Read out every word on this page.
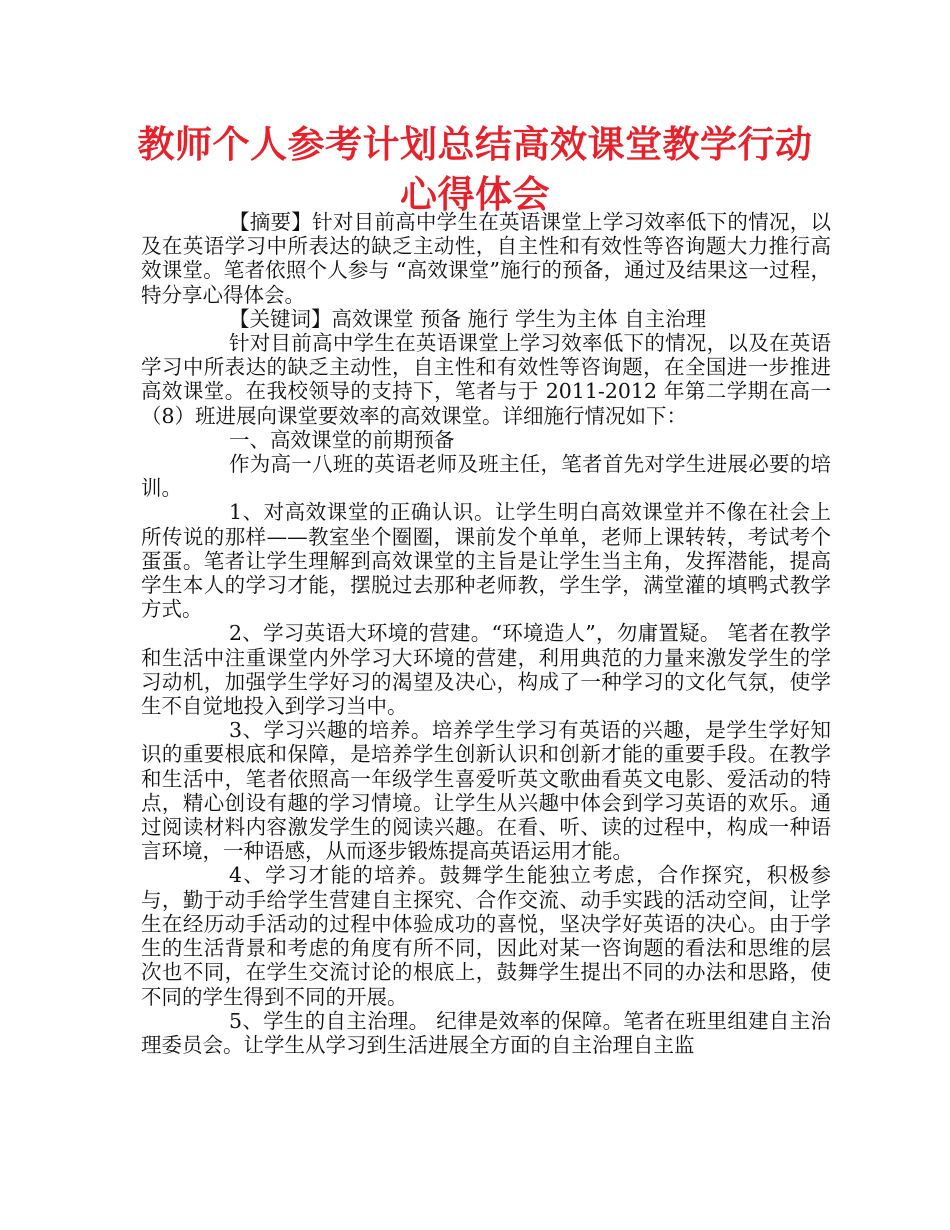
教师个人参考计划总结高效课堂教学行动心得体会

【摘要】针对目前高中学生在英语课堂上学习效率低下的情况，以及在英语学习中所表达的缺乏主动性，自主性和有效性等咨询题大力推行高效课堂。笔者依照个人参与 “高效课堂”施行的预备，通过及结果这一过程，特分享心得体会。

【关键词】高效课堂 预备 施行 学生为主体 自主治理

针对目前高中学生在英语课堂上学习效率低下的情况，以及在英语学习中所表达的缺乏主动性，自主性和有效性等咨询题，在全国进一步推进高效课堂。在我校领导的支持下，笔者与于 2011-2012 年第二学期在高一（8）班进展向课堂要效率的高效课堂。详细施行情况如下：

一、高效课堂的前期预备

作为高一八班的英语老师及班主任，笔者首先对学生进展必要的培训。

1、对高效课堂的正确认识。让学生明白高效课堂并不像在社会上所传说的那样——教室坐个圈圈，课前发个单单，老师上课转转，考试考个蛋蛋。笔者让学生理解到高效课堂的主旨是让学生当主角，发挥潜能，提高学生本人的学习才能，摆脱过去那种老师教，学生学，满堂灌的填鸭式教学方式。

2、学习英语大环境的营建。“环境造人”，勿庸置疑。 笔者在教学和生活中注重课堂内外学习大环境的营建，利用典范的力量来激发学生的学习动机，加强学生学好习的渴望及决心，构成了一种学习的文化气氛，使学生不自觉地投入到学习当中。

3、学习兴趣的培养。培养学生学习有英语的兴趣，是学生学好知识的重要根底和保障，是培养学生创新认识和创新才能的重要手段。在教学和生活中，笔者依照高一年级学生喜爱听英文歌曲看英文电影、爱活动的特点，精心创设有趣的学习情境。让学生从兴趣中体会到学习英语的欢乐。通过阅读材料内容激发学生的阅读兴趣。在看、听、读的过程中，构成一种语言环境，一种语感，从而逐步锻炼提高英语运用才能。

4、学习才能的培养。鼓舞学生能独立考虑，合作探究，积极参与，勤于动手给学生营建自主探究、合作交流、动手实践的活动空间，让学生在经历动手活动的过程中体验成功的喜悦，坚决学好英语的决心。由于学生的生活背景和考虑的角度有所不同，因此对某一咨询题的看法和思维的层次也不同，在学生交流讨论的根底上，鼓舞学生提出不同的办法和思路，使不同的学生得到不同的开展。

5、学生的自主治理。 纪律是效率的保障。笔者在班里组建自主治理委员会。让学生从学习到生活进展全方面的自主治理自主监
